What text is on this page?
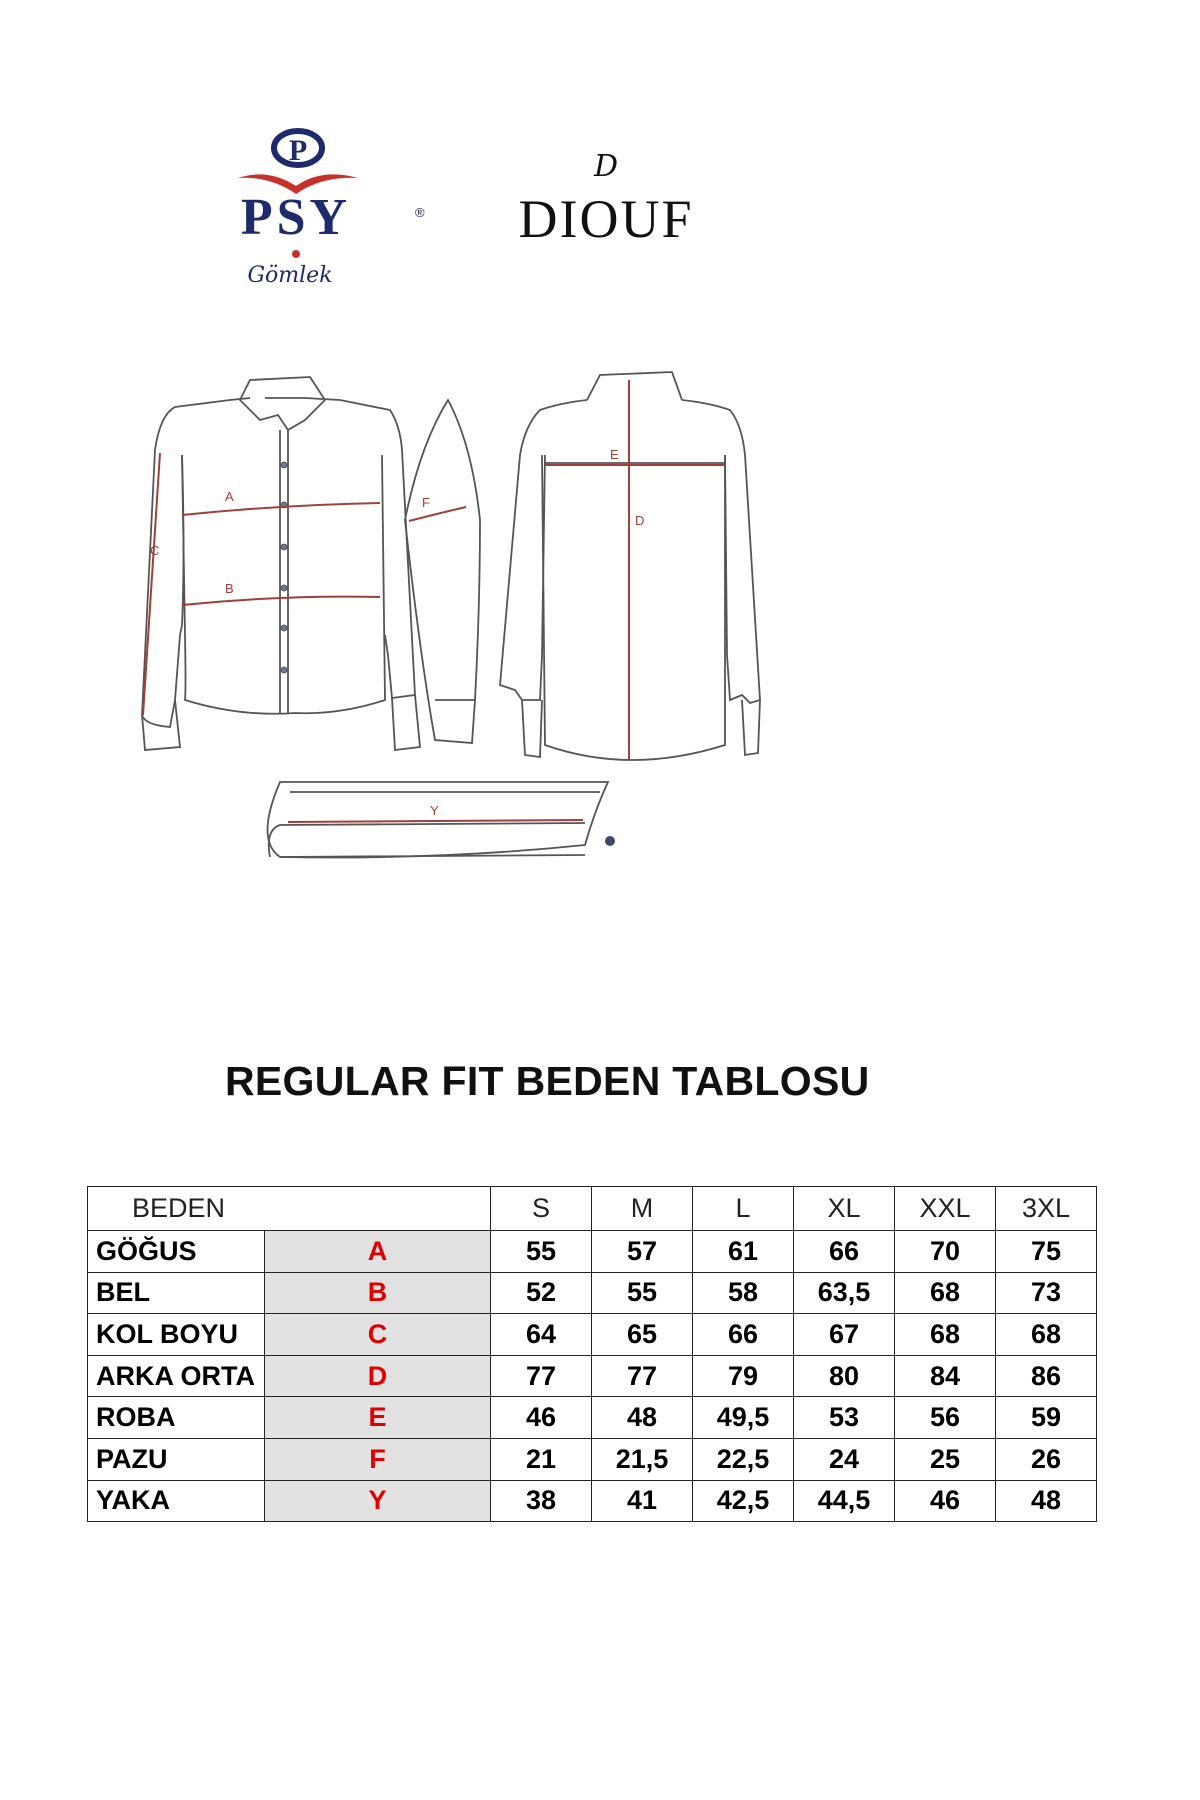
P
PSY	®
Gömlek
D
DIOUF
A
B
C
D
E
F
Y
REGULAR FIT BEDEN TABLOSU
BEDEN		S	M	L	XL	XXL	3XL
GÖĞUS	A	55	57	61	66	70	75
BEL	B	52	55	58	63,5	68	73
KOL BOYU	C	64	65	66	67	68	68
ARKA ORTA	D	77	77	79	80	84	86
ROBA	E	46	48	49,5	53	56	59
PAZU	F	21	21,5	22,5	24	25	26
YAKA	Y	38	41	42,5	44,5	46	48
